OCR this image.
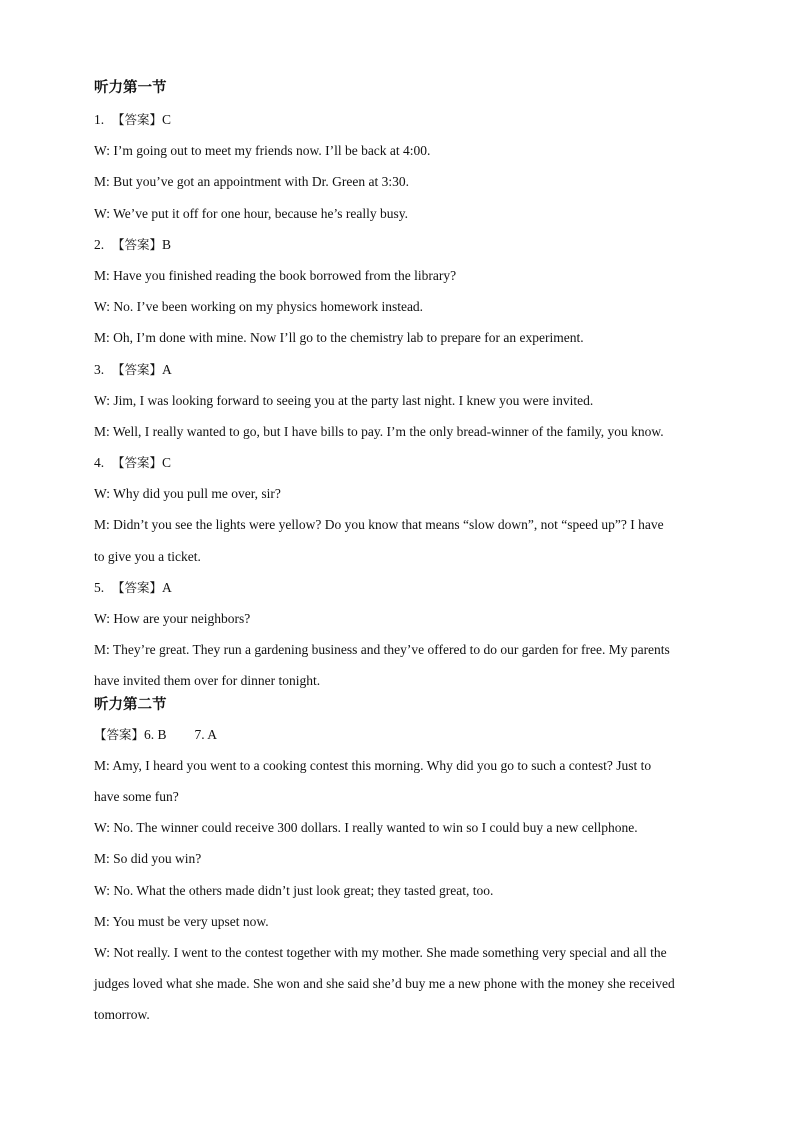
听力第一节
1. 【答案】C
W: I’m going out to meet my friends now. I’ll be back at 4:00.
M: But you’ve got an appointment with Dr. Green at 3:30.
W: We’ve put it off for one hour, because he’s really busy.
2. 【答案】B
M: Have you finished reading the book borrowed from the library?
W: No. I’ve been working on my physics homework instead.
M: Oh, I’m done with mine. Now I’ll go to the chemistry lab to prepare for an experiment.
3. 【答案】A
W: Jim, I was looking forward to seeing you at the party last night. I knew you were invited.
M: Well, I really wanted to go, but I have bills to pay. I’m the only bread-winner of the family, you know.
4. 【答案】C
W: Why did you pull me over, sir?
M: Didn’t you see the lights were yellow? Do you know that means “slow down”, not “speed up”? I have
to give you a ticket.
5. 【答案】A
W: How are your neighbors?
M: They’re great. They run a gardening business and they’ve offered to do our garden for free. My parents
have invited them over for dinner tonight.
听力第二节
【答案】6. B 7. A
M: Amy, I heard you went to a cooking contest this morning. Why did you go to such a contest? Just to
have some fun?
W: No. The winner could receive 300 dollars. I really wanted to win so I could buy a new cellphone.
M: So did you win?
W: No. What the others made didn’t just look great; they tasted great, too.
M: You must be very upset now.
W: Not really. I went to the contest together with my mother. She made something very special and all the
judges loved what she made. She won and she said she’d buy me a new phone with the money she received
tomorrow.
